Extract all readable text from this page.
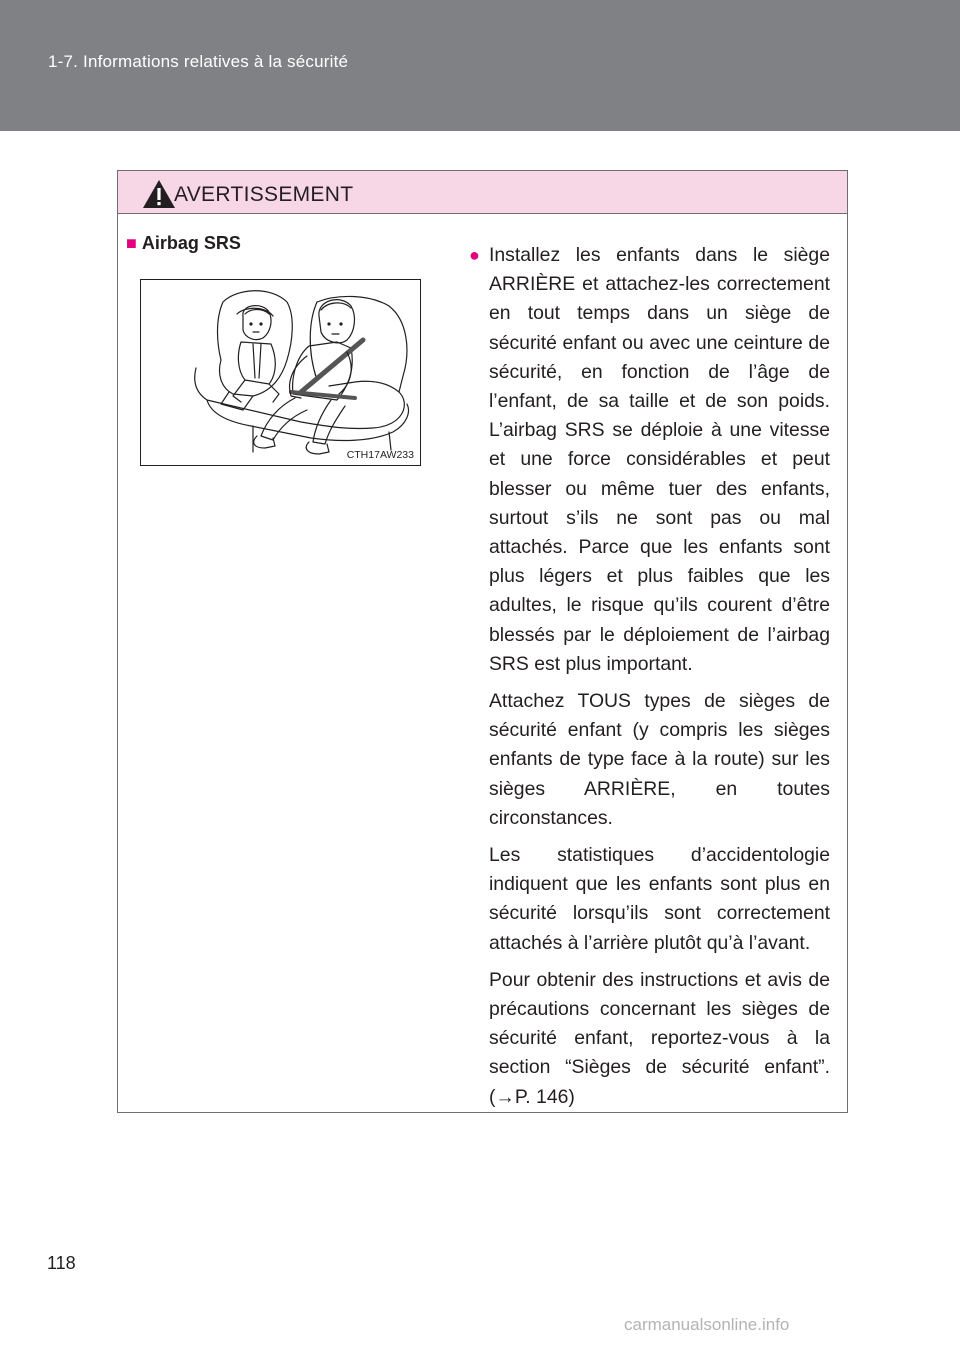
1-7. Informations relatives à la sécurité
AVERTISSEMENT
■ Airbag SRS
CTH17AW233

● Installez les enfants dans le siège ARRIÈRE et attachez-les correctement en tout temps dans un siège de sécurité enfant ou avec une ceinture de sécurité, en fonction de l’âge de l’enfant, de sa taille et de son poids. L’airbag SRS se déploie à une vitesse et une force considérables et peut blesser ou même tuer des enfants, surtout s’ils ne sont pas ou mal attachés. Parce que les enfants sont plus légers et plus faibles que les adultes, le risque qu’ils courent d’être blessés par le déploiement de l’airbag SRS est plus important.

Attachez TOUS types de sièges de sécurité enfant (y compris les sièges enfants de type face à la route) sur les sièges ARRIÈRE, en toutes circonstances.

Les statistiques d’accidentologie indiquent que les enfants sont plus en sécurité lorsqu’ils sont correctement attachés à l’arrière plutôt qu’à l’avant.

Pour obtenir des instructions et avis de précautions concernant les sièges de sécurité enfant, reportez-vous à la section “Sièges de sécurité enfant”. (→P. 146)

118
carmanualsonline.info
